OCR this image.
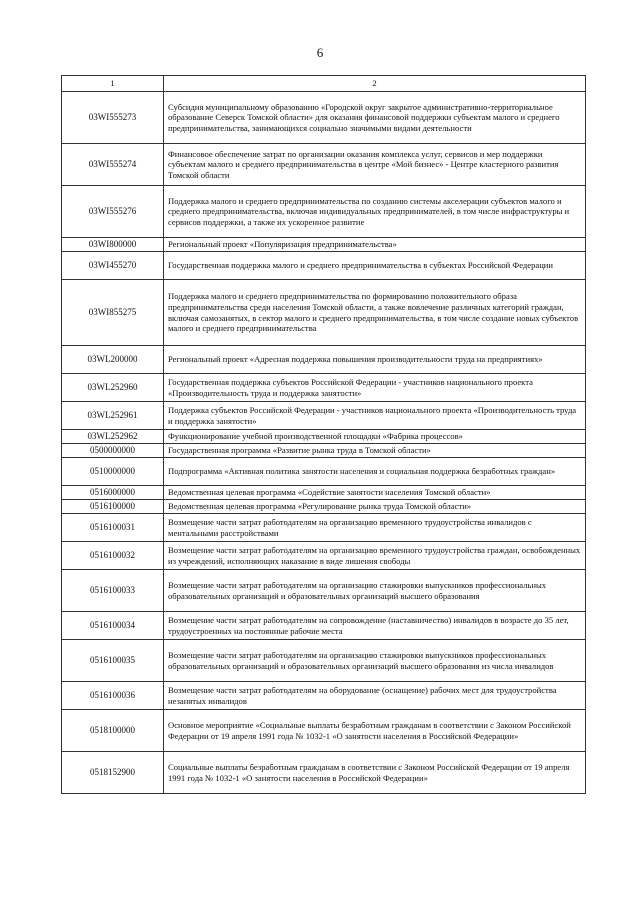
6
1	2
03WI555273	Субсидия муниципальному образованию «Городской округ закрытое административно-территориальное образование Северск Томской области» для оказания финансовой поддержки субъектам малого и среднего предпринимательства, занимающихся социально значимыми видами деятельности
03WI555274	Финансовое обеспечение затрат по организации оказания комплекса услуг, сервисов и мер поддержки субъектам малого и среднего предпринимательства в центре «Мой бизнес» - Центре кластерного развития Томской области
03WI555276	Поддержка малого и среднего предпринимательства по созданию системы акселерации субъектов малого и среднего предпринимательства, включая индивидуальных предпринимателей, в том числе инфраструктуры и сервисов поддержки, а также их ускоренное развитие
03WI800000	Региональный проект «Популяризация предпринимательства»
03WI455270	Государственная поддержка малого и среднего предпринимательства в субъектах Российской Федерации
03WI855275	Поддержка малого и среднего предпринимательства по формированию положительного образа предпринимательства среди населения Томской области, а также вовлечение различных категорий граждан, включая самозанятых, в сектор малого и среднего предпринимательства, в том числе создание новых субъектов малого и среднего предпринимательства
03WL200000	Региональный проект «Адресная поддержка повышения производительности труда на предприятиях»
03WL252960	Государственная поддержка субъектов Российской Федерации - участников национального проекта «Производительность труда и поддержка занятости»
03WL252961	Поддержка субъектов Российской Федерации - участников национального проекта «Производительность труда и поддержка занятости»
03WL252962	Функционирование учебной производственной площадки «Фабрика процессов»
0500000000	Государственная программа «Развитие рынка труда в Томской области»
0510000000	Подпрограмма «Активная политика занятости населения и социальная поддержка безработных граждан»
0516000000	Ведомственная целевая программа «Содействие занятости населения Томской области»
0516100000	Ведомственная целевая программа «Регулирование рынка труда Томской области»
0516100031	Возмещение части затрат работодателям на организацию временного трудоустройства инвалидов с ментальными расстройствами
0516100032	Возмещение части затрат работодателям на организацию временного трудоустройства граждан, освобожденных из учреждений, исполняющих наказание в виде лишения свободы
0516100033	Возмещение части затрат работодателям на организацию стажировки выпускников профессиональных образовательных организаций и образовательных организаций высшего образования
0516100034	Возмещение части затрат работодателям на сопровождение (наставничество) инвалидов в возрасте до 35 лет, трудоустроенных на постоянные рабочие места
0516100035	Возмещение части затрат работодателям на организацию стажировки выпускников профессиональных образовательных организаций и образовательных организаций высшего образования из числа инвалидов
0516100036	Возмещение части затрат работодателям на оборудование (оснащение) рабочих мест для трудоустройства незанятых инвалидов
0518100000	Основное мероприятие «Социальные выплаты безработным гражданам в соответствии с Законом Российской Федерации от 19 апреля 1991 года № 1032-1 «О занятости населения в Российской Федерации»
0518152900	Социальные выплаты безработным гражданам в соответствии с Законом Российской Федерации от 19 апреля 1991 года № 1032-1 «О занятости населения в Российской Федерации»
